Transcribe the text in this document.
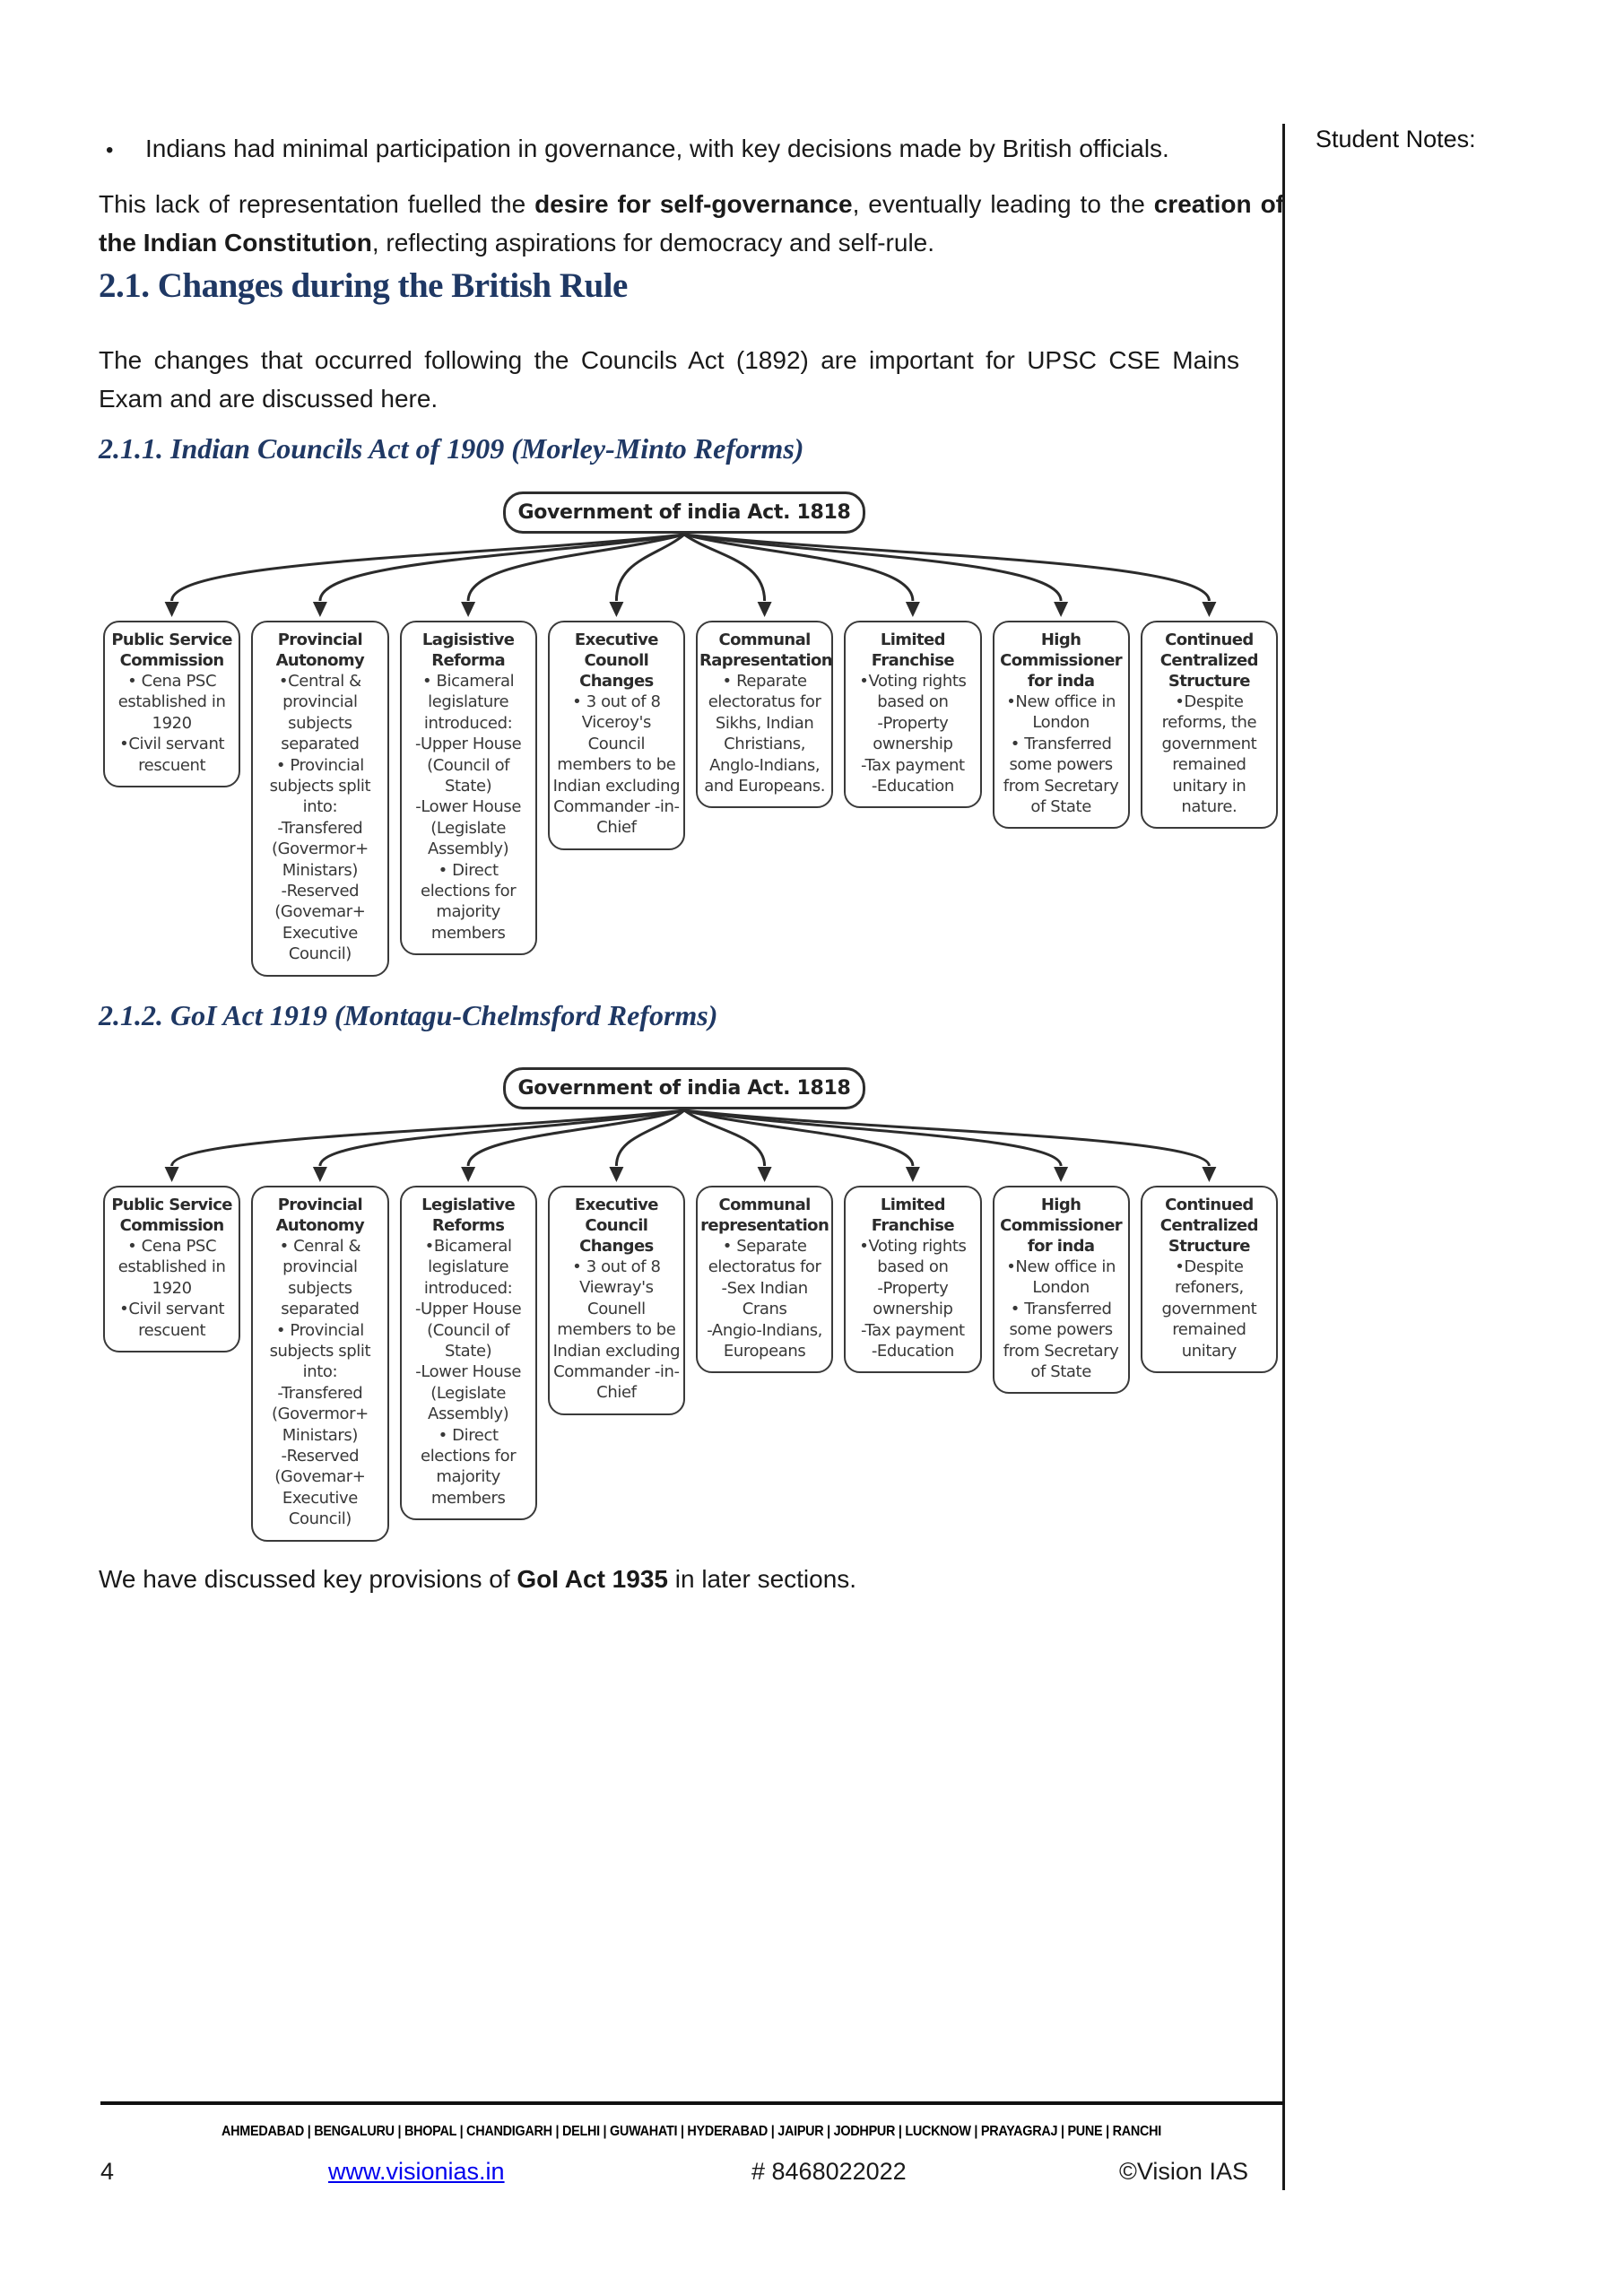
Student Notes:
• Indians had minimal participation in governance, with key decisions made by British officials.

This lack of representation fuelled the desire for self-governance, eventually leading to the creation of the Indian Constitution, reflecting aspirations for democracy and self-rule.

2.1. Changes during the British Rule

The changes that occurred following the Councils Act (1892) are important for UPSC CSE Mains Exam and are discussed here.

2.1.1. Indian Councils Act of 1909 (Morley-Minto Reforms)
Government of india Act. 1818
Public Service Commission
• Cena PSC established in 1920
•Civil servant rescuent
Provincial Autonomy
•Central & provincial subjects separated
• Provincial subjects split into:
-Transfered (Govermor+ Ministars)
-Reserved (Govemar+ Executive Council)
Lagisistive Reforma
• Bicameral legislature introduced:
-Upper House (Council of State)
-Lower House (Legislate Assembly)
• Direct elections for majority members
Executive Counoll Changes
• 3 out of 8 Viceroy's Council members to be Indian excluding Commander -in-Chief
Communal Rapresentation
• Reparate electoratus for Sikhs, Indian Christians, Anglo-Indians, and Europeans.
Limited Franchise
•Voting rights based on
-Property ownership
-Tax payment
-Education
High Commissioner for inda
•New office in London
• Transferred some powers from Secretary of State
Continued Centralized Structure
•Despite reforms, the government remained unitary in nature.
2.1.2. GoI Act 1919 (Montagu-Chelmsford Reforms)
Government of india Act. 1818
Public Service Commission
• Cena PSC established in 1920
•Civil servant rescuent
Provincial Autonomy
• Cenral & provincial subjects separated
• Provincial subjects split into:
-Transfered (Govermor+ Ministars)
-Reserved (Govemar+ Executive Council)
Legislative Reforms
•Bicameral legislature introduced:
-Upper House (Council of State)
-Lower House (Legislate Assembly)
• Direct elections for majority members
Executive Council Changes
• 3 out of 8 Viewray's Counell members to be Indian excluding Commander -in-Chief
Communal representation
• Separate electoratus for
-Sex Indian Crans
-Angio-Indians, Europeans
Limited Franchise
•Voting rights based on
-Property ownership
-Tax payment
-Education
High Commissioner for inda
•New office in London
• Transferred some powers from Secretary of State
Continued Centralized Structure
•Despite refoners, government remained unitary

We have discussed key provisions of GoI Act 1935 in later sections.

AHMEDABAD | BENGALURU | BHOPAL | CHANDIGARH | DELHI | GUWAHATI | HYDERABAD | JAIPUR | JODHPUR | LUCKNOW | PRAYAGRAJ | PUNE | RANCHI
4	www.visionias.in	# 8468022022	©Vision IAS
